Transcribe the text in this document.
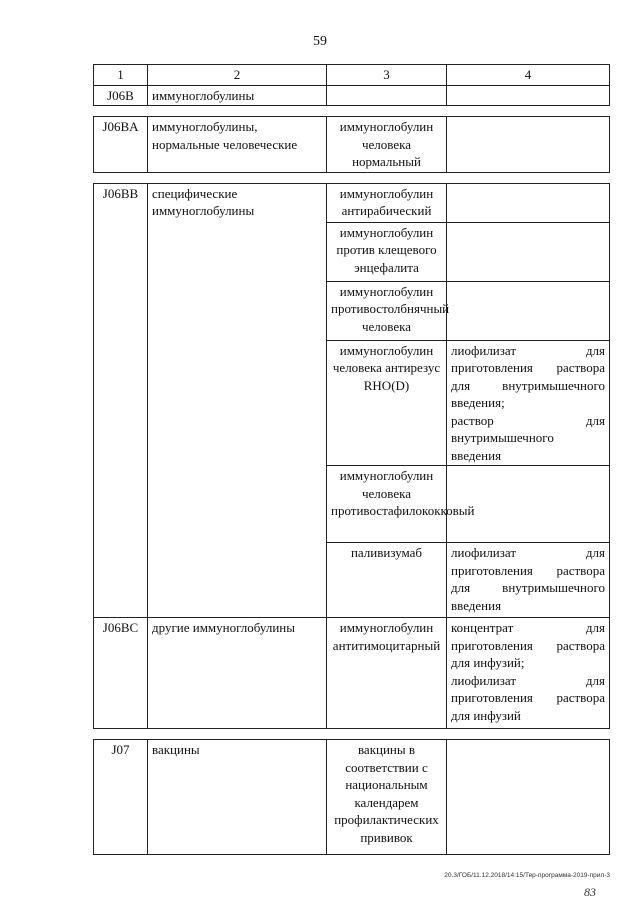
59
1	2	3	4
J06B	иммуноглобулины		

J06BA	иммуноглобулины, нормальные человеческие	иммуноглобулин человека нормальный	

J06BB	специфические иммуноглобулины	иммуноглобулин антирабический	
		иммуноглобулин против клещевого энцефалита	
		иммуноглобулин противостолбнячный человека	
		иммуноглобулин человека антирезус RHO(D)	лиофилизат для приготовления раствора для внутримышечного введения;
раствор для внутримышечного введения

		иммуноглобулин человека противостафилококковый	
		паливизумаб	лиофилизат для приготовления раствора для внутримышечного введения

J06BC	другие иммуноглобулины	иммуноглобулин антитимоцитарный	концентрат для приготовления раствора для инфузий;
лиофилизат для приготовления раствора для инфузий

J07	вакцины	вакцины в соответствии с национальным календарем профилактических прививок	
20.3/ГОБ/11.12.2018/14:15/Тер-программа-2019-прил-3
83
